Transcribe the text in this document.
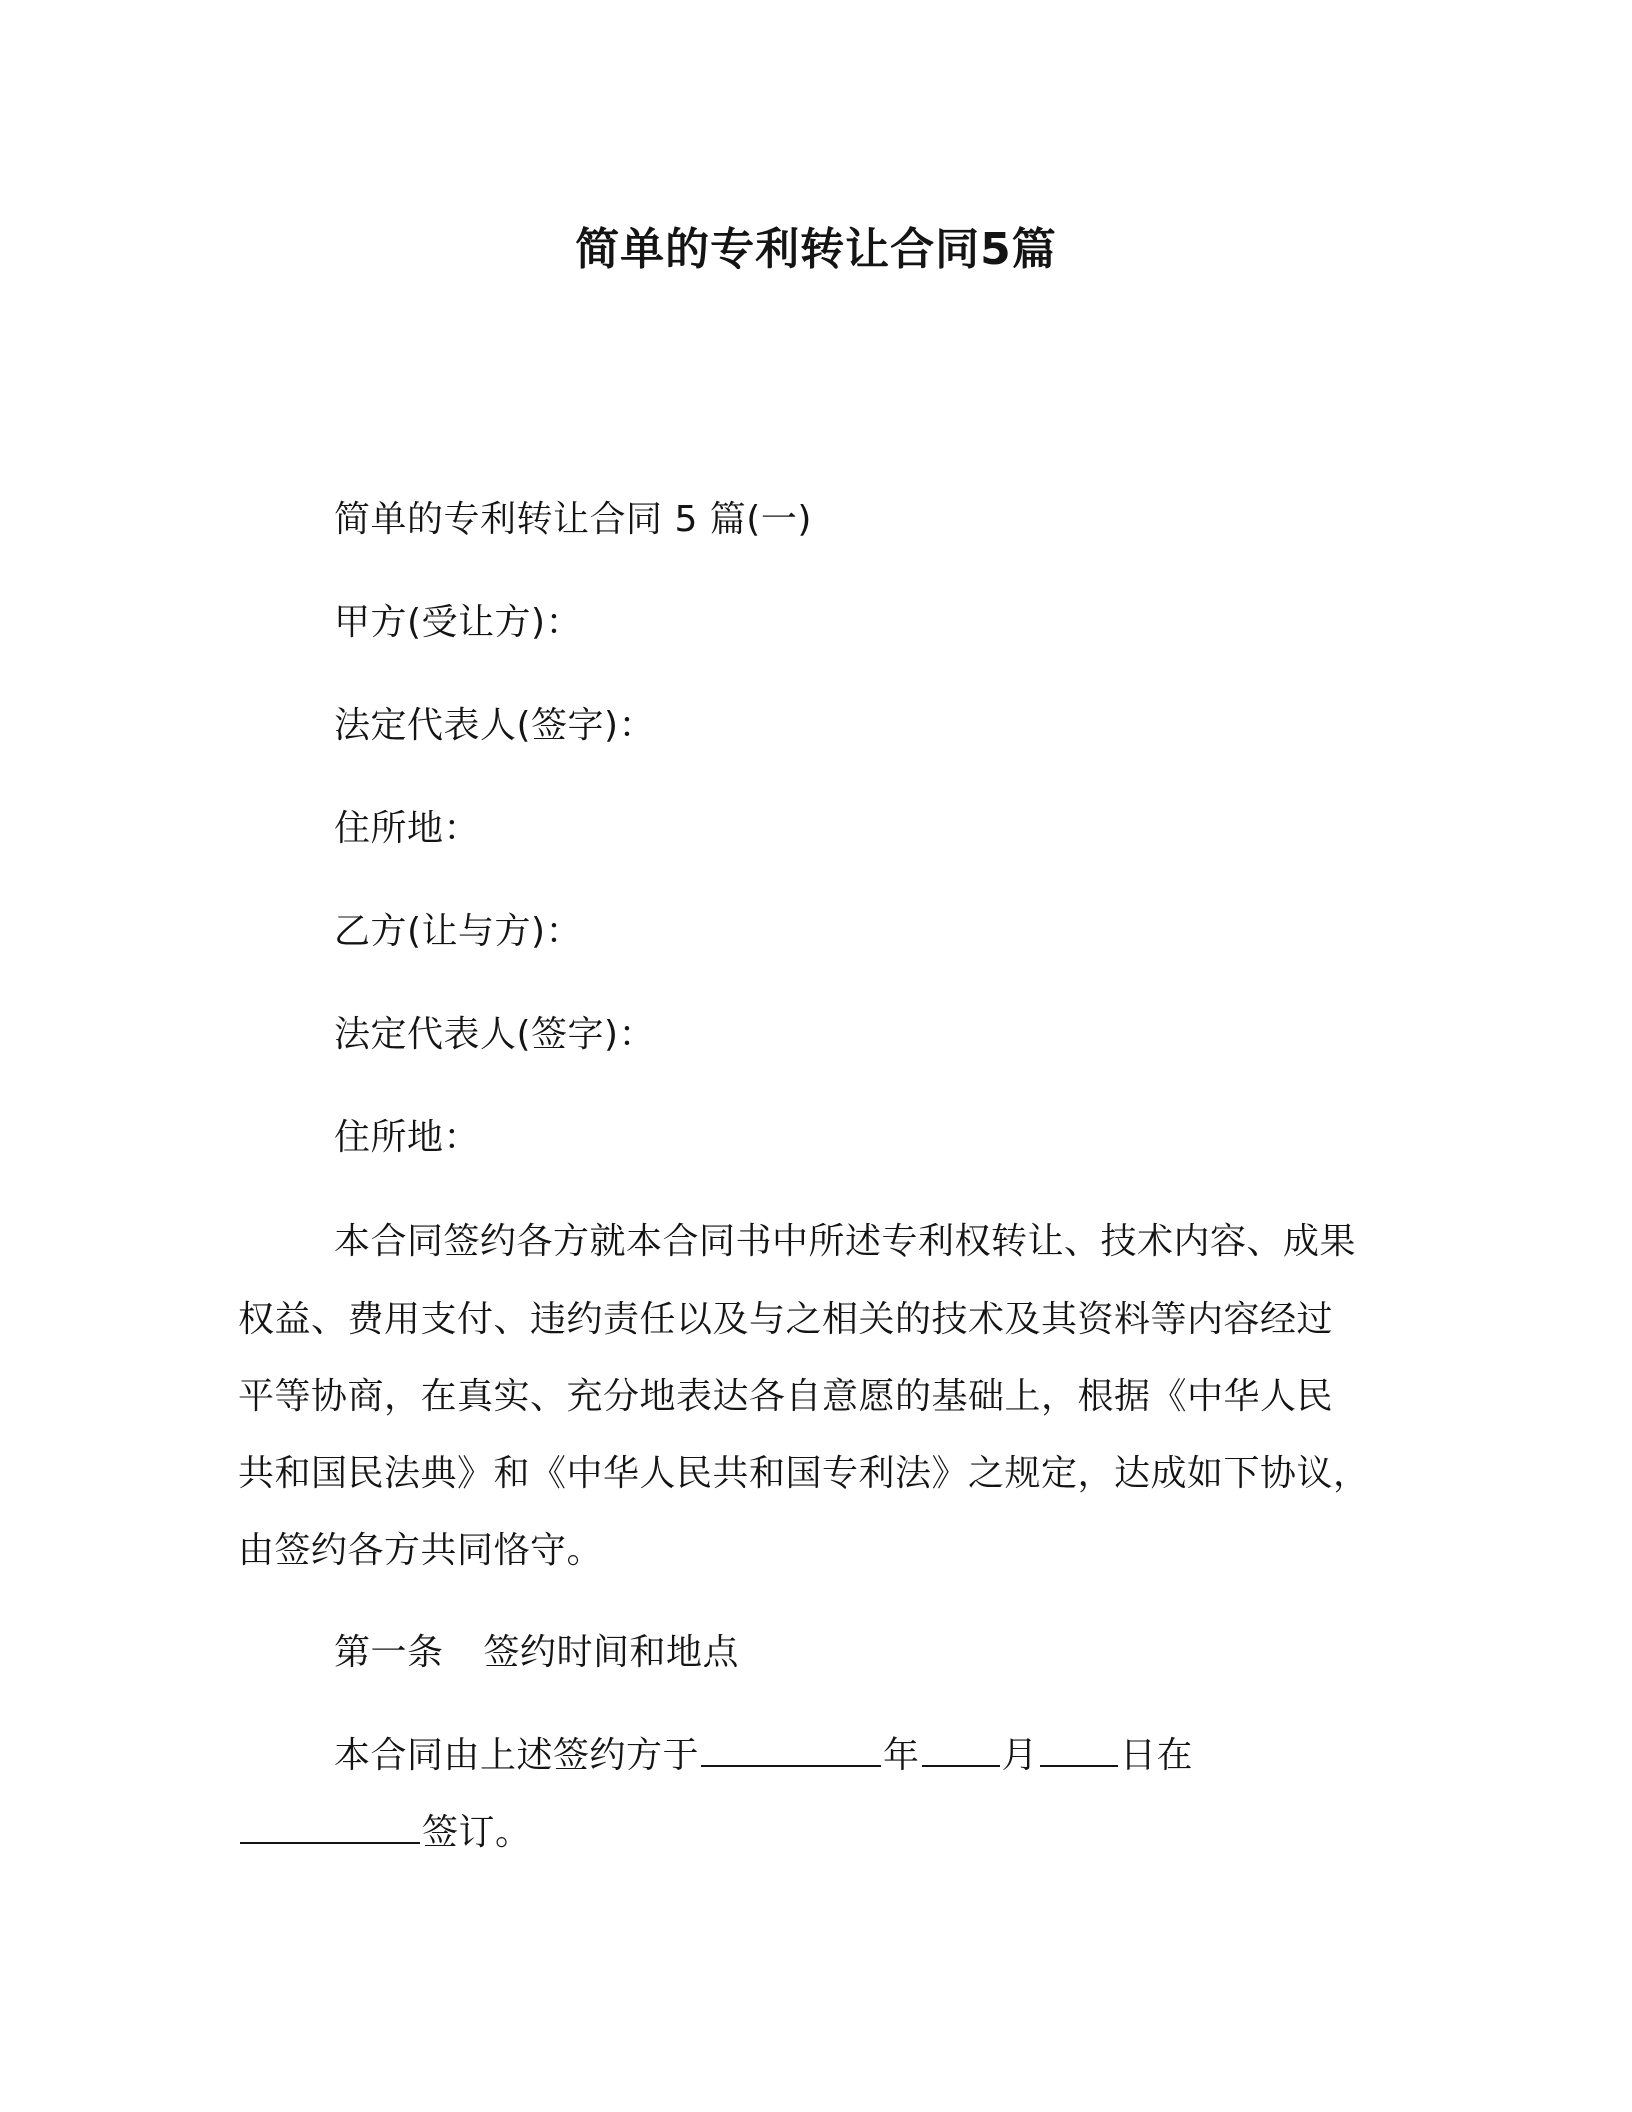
简单的专利转让合同5篇
简单的专利转让合同 5 篇(一)
甲方(受让方)：
法定代表人(签字)：
住所地：
乙方(让与方)：
法定代表人(签字)：
住所地：
本合同签约各方就本合同书中所述专利权转让、技术内容、成果
权益、费用支付、违约责任以及与之相关的技术及其资料等内容经过
平等协商，在真实、充分地表达各自意愿的基础上，根据《中华人民
共和国民法典》和《中华人民共和国专利法》之规定，达成如下协议，
由签约各方共同恪守。
第一条 签约时间和地点
本合同由上述签约方于	年 月 日在
签订。
